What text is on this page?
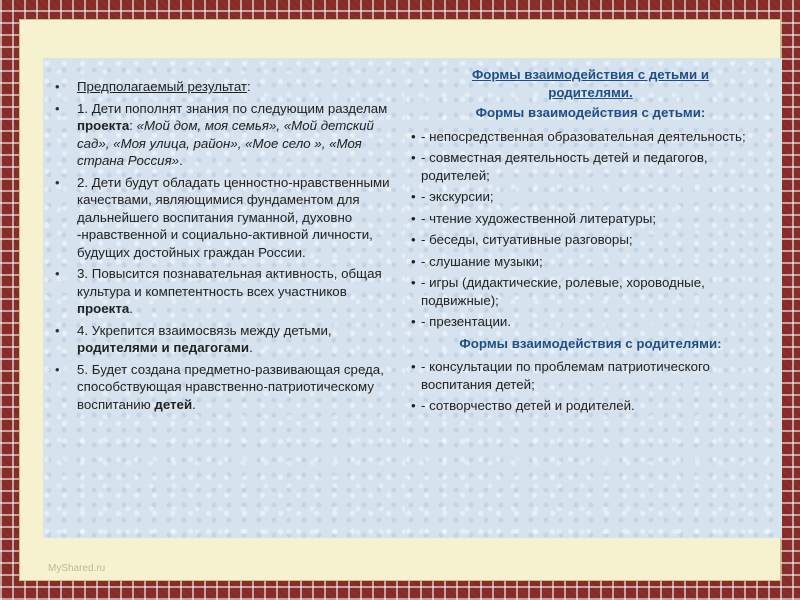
• Предполагаемый результат:
• 1. Дети пополнят знания по следующим разделам проекта: «Мой дом, моя семья», «Мой детский сад», «Моя улица, район», «Мое село », «Моя страна Россия».
• 2. Дети будут обладать ценностно-нравственными качествами, являющимися фундаментом для дальнейшего воспитания гуманной, духовно -нравственной и социально-активной личности, будущих достойных граждан России.
• 3. Повысится познавательная активность, общая культура и компетентность всех участников проекта.
• 4. Укрепится взаимосвязь между детьми, родителями и педагогами.
• 5. Будет создана предметно-развивающая среда, способствующая нравственно-патриотическому воспитанию детей.
Формы взаимодействия с детьми и
родителями.
Формы взаимодействия с детьми:
• - непосредственная образовательная деятельность;
• - совместная деятельность детей и педагогов, родителей;
• - экскурсии;
• - чтение художественной литературы;
• - беседы, ситуативные разговоры;
• - слушание музыки;
• - игры (дидактические, ролевые, хороводные, подвижные);
• - презентации.
Формы взаимодействия с родителями:
• - консультации по проблемам патриотического воспитания детей;
• - сотворчество детей и родителей.
MyShared.ru
